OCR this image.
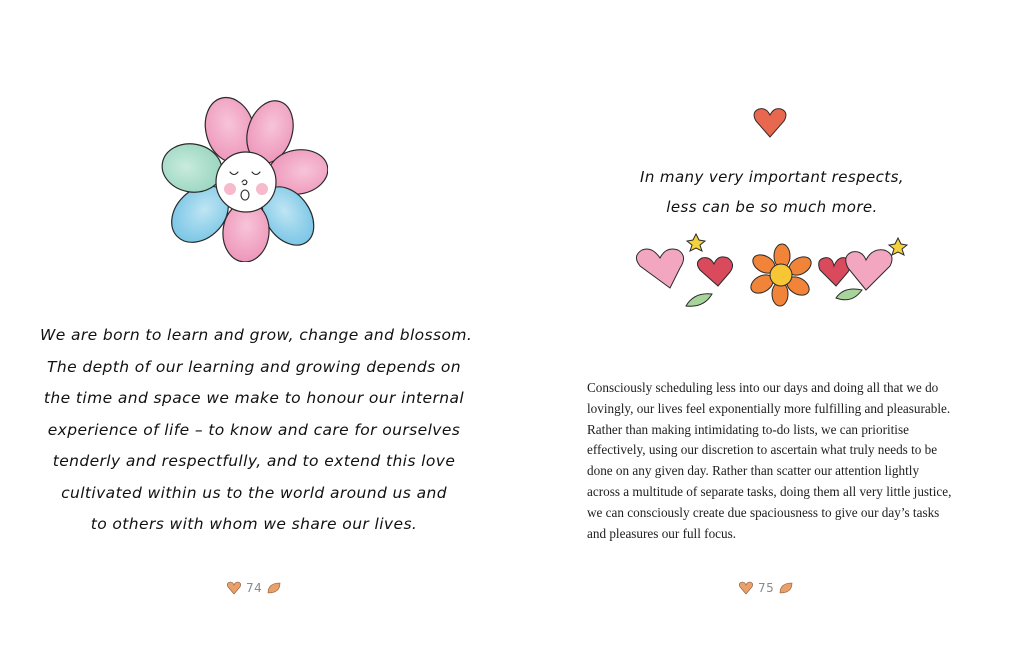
We are born to learn and grow, change and blossom.
The depth of our learning and growing depends on
the time and space we make to honour our internal
experience of life – to know and care for ourselves
tenderly and respectfully, and to extend this love
cultivated within us to the world around us and
to others with whom we share our lives.
74
In many very important respects,
less can be so much more.
Consciously scheduling less into our days and doing all that we do
lovingly, our lives feel exponentially more fulfilling and pleasurable.
Rather than making intimidating to-do lists, we can prioritise
effectively, using our discretion to ascertain what truly needs to be
done on any given day. Rather than scatter our attention lightly
across a multitude of separate tasks, doing them all very little justice,
we can consciously create due spaciousness to give our day’s tasks
and pleasures our full focus.
75
